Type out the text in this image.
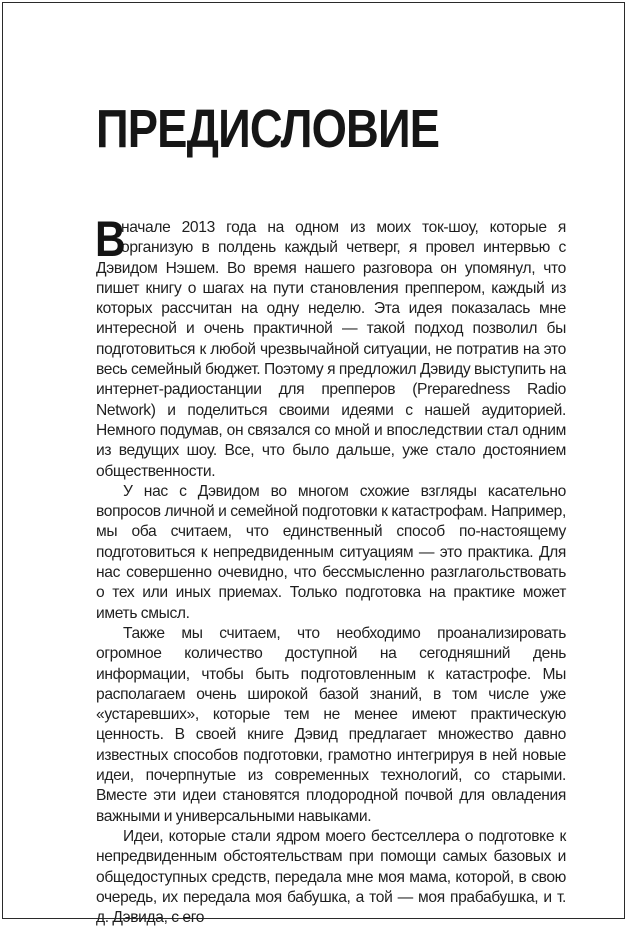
ПРЕДИСЛОВИЕ

В
начале 2013 года на одном из моих ток-шоу, которые я организую в полдень каждый четверг, я провел интервью с Дэвидом Нэшем. Во время нашего разговора он упомянул, что пишет книгу о шагах на пути становления преппером, каждый из которых рассчитан на одну неделю. Эта идея показалась мне интересной и очень практичной — такой подход позволил бы подготовиться к любой чрезвычайной ситуации, не потратив на это весь семейный бюджет. Поэтому я предложил Дэвиду выступить на интернет-радиостанции для препперов (Preparedness Radio Network) и поделиться своими идеями с нашей аудиторией. Немного подумав, он связался со мной и впоследствии стал одним из ведущих шоу. Все, что было дальше, уже стало достоянием общественности.

У нас с Дэвидом во многом схожие взгляды касательно вопросов личной и семейной подготовки к катастрофам. Например, мы оба считаем, что единственный способ по-настоящему подготовиться к непредвиденным ситуациям — это практика. Для нас совершенно очевидно, что бессмысленно разглагольствовать о тех или иных приемах. Только подготовка на практике может иметь смысл.

Также мы считаем, что необходимо проанализировать огромное количество доступной на сегодняшний день информации, чтобы быть подготовленным к катастрофе. Мы располагаем очень широкой базой знаний, в том числе уже «устаревших», которые тем не менее имеют практическую ценность. В своей книге Дэвид предлагает множество давно известных способов подготовки, грамотно интегрируя в ней новые идеи, почерпнутые из современных технологий, со старыми. Вместе эти идеи становятся плодородной почвой для овладения важными и универсальными навыками.

Идеи, которые стали ядром моего бестселлера о подготовке к непредвиденным обстоятельствам при помощи самых базовых и общедоступных средств, передала мне моя мама, которой, в свою очередь, их передала моя бабушка, а той — моя прабабушка, и т. д. Дэвида, с его
